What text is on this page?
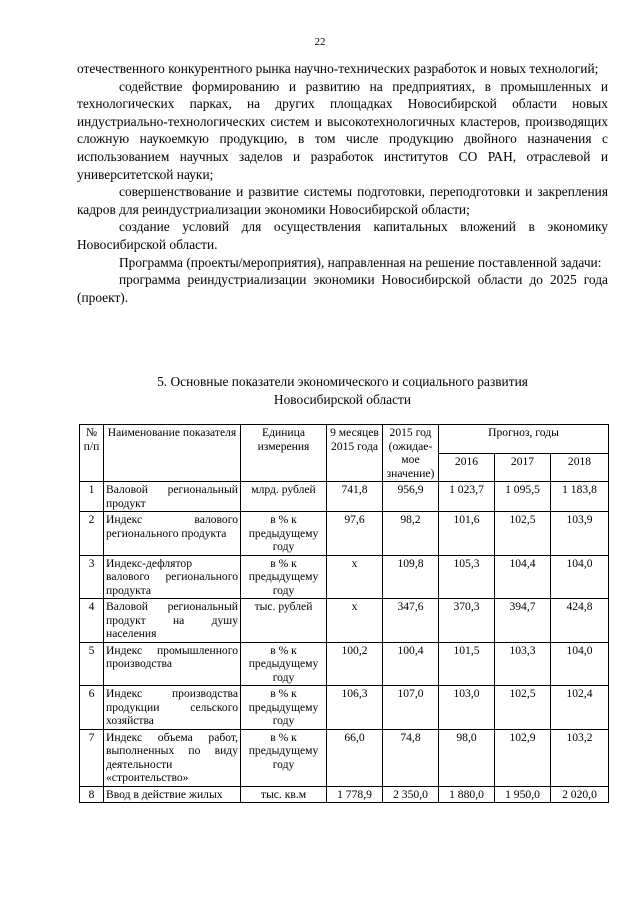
22

отечественного конкурентного рынка научно-технических разработок и новых технологий;

содействие формированию и развитию на предприятиях, в промышленных и технологических парках, на других площадках Новосибирской области новых индустриально-технологических систем и высокотехнологичных кластеров, производящих сложную наукоемкую продукцию, в том числе продукцию двойного назначения с использованием научных заделов и разработок институтов СО РАН, отраслевой и университетской науки;

совершенствование и развитие системы подготовки, переподготовки и закрепления кадров для реиндустриализации экономики Новосибирской области;

создание условий для осуществления капитальных вложений в экономику Новосибирской области.

Программа (проекты/мероприятия), направленная на решение поставленной задачи:

программа реиндустриализации экономики Новосибирской области до 2025 года (проект).

5. Основные показатели экономического и социального развития
Новосибирской области
№ п/п	Наименование показателя	Единица измерения	9 месяцев 2015 года	2015 год (ожидае-мое значение)	Прогноз, годы		
					2016	2017	2018
1	Валовой региональный продукт	млрд. рублей	741,8	956,9	1 023,7	1 095,5	1 183,8
2	Индекс валового регионального продукта	в % к предыдущему году	97,6	98,2	101,6	102,5	103,9
3	Индекс-дефлятор валового регионального продукта	в % к предыдущему году	х	109,8	105,3	104,4	104,0
4	Валовой региональный продукт на душу населения	тыс. рублей	х	347,6	370,3	394,7	424,8
5	Индекс промышленного производства	в % к предыдущему году	100,2	100,4	101,5	103,3	104,0
6	Индекс производства продукции сельского хозяйства	в % к предыдущему году	106,3	107,0	103,0	102,5	102,4
7	Индекс объема работ, выполненных по виду деятельности «строительство»	в % к предыдущему году	66,0	74,8	98,0	102,9	103,2
8	Ввод в действие жилых	тыс. кв.м	1 778,9	2 350,0	1 880,0	1 950,0	2 020,0
